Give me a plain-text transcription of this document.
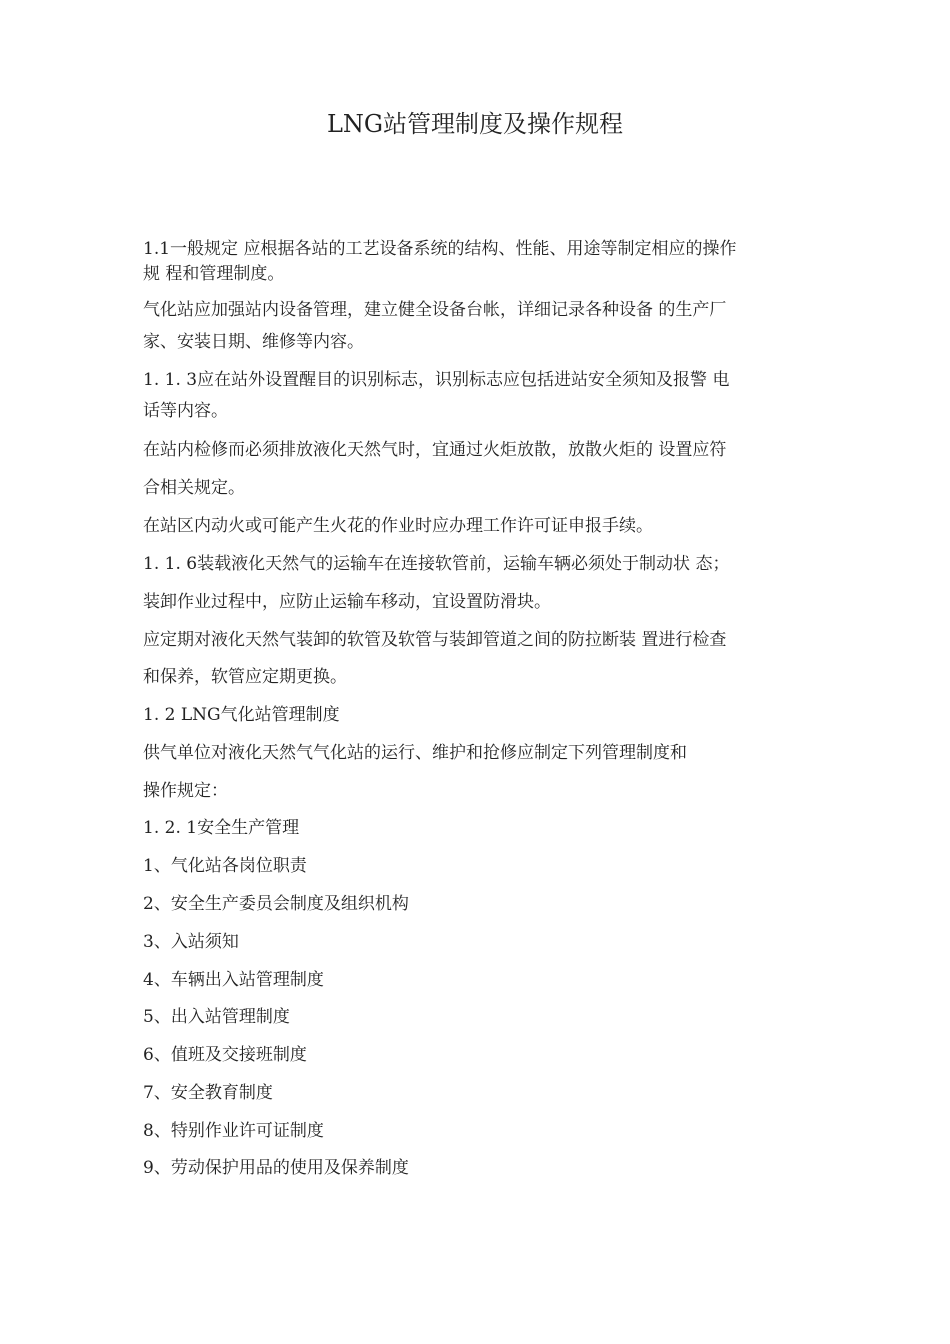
LNG站管理制度及操作规程
1.1一般规定 应根据各站的工艺设备系统的结构、性能、用途等制定相应的操作
规 程和管理制度。
气化站应加强站内设备管理，建立健全设备台帐，详细记录各种设备 的生产厂
家、安装日期、维修等内容。
1. 1. 3应在站外设置醒目的识别标志，识别标志应包括进站安全须知及报警 电
话等内容。
在站内检修而必须排放液化天然气时，宜通过火炬放散，放散火炬的 设置应符
合相关规定。
在站区内动火或可能产生火花的作业时应办理工作许可证申报手续。
1. 1. 6装载液化天然气的运输车在连接软管前，运输车辆必须处于制动状 态；
装卸作业过程中，应防止运输车移动，宜设置防滑块。
应定期对液化天然气装卸的软管及软管与装卸管道之间的防拉断装 置进行检查
和保养，软管应定期更换。
1. 2 LNG气化站管理制度
供气单位对液化天然气气化站的运行、维护和抢修应制定下列管理制度和
操作规定：
1. 2. 1安全生产管理
1、气化站各岗位职责
2、安全生产委员会制度及组织机构
3、入站须知
4、车辆出入站管理制度
5、出入站管理制度
6、值班及交接班制度
7、安全教育制度
8、特别作业许可证制度
9、劳动保护用品的使用及保养制度
